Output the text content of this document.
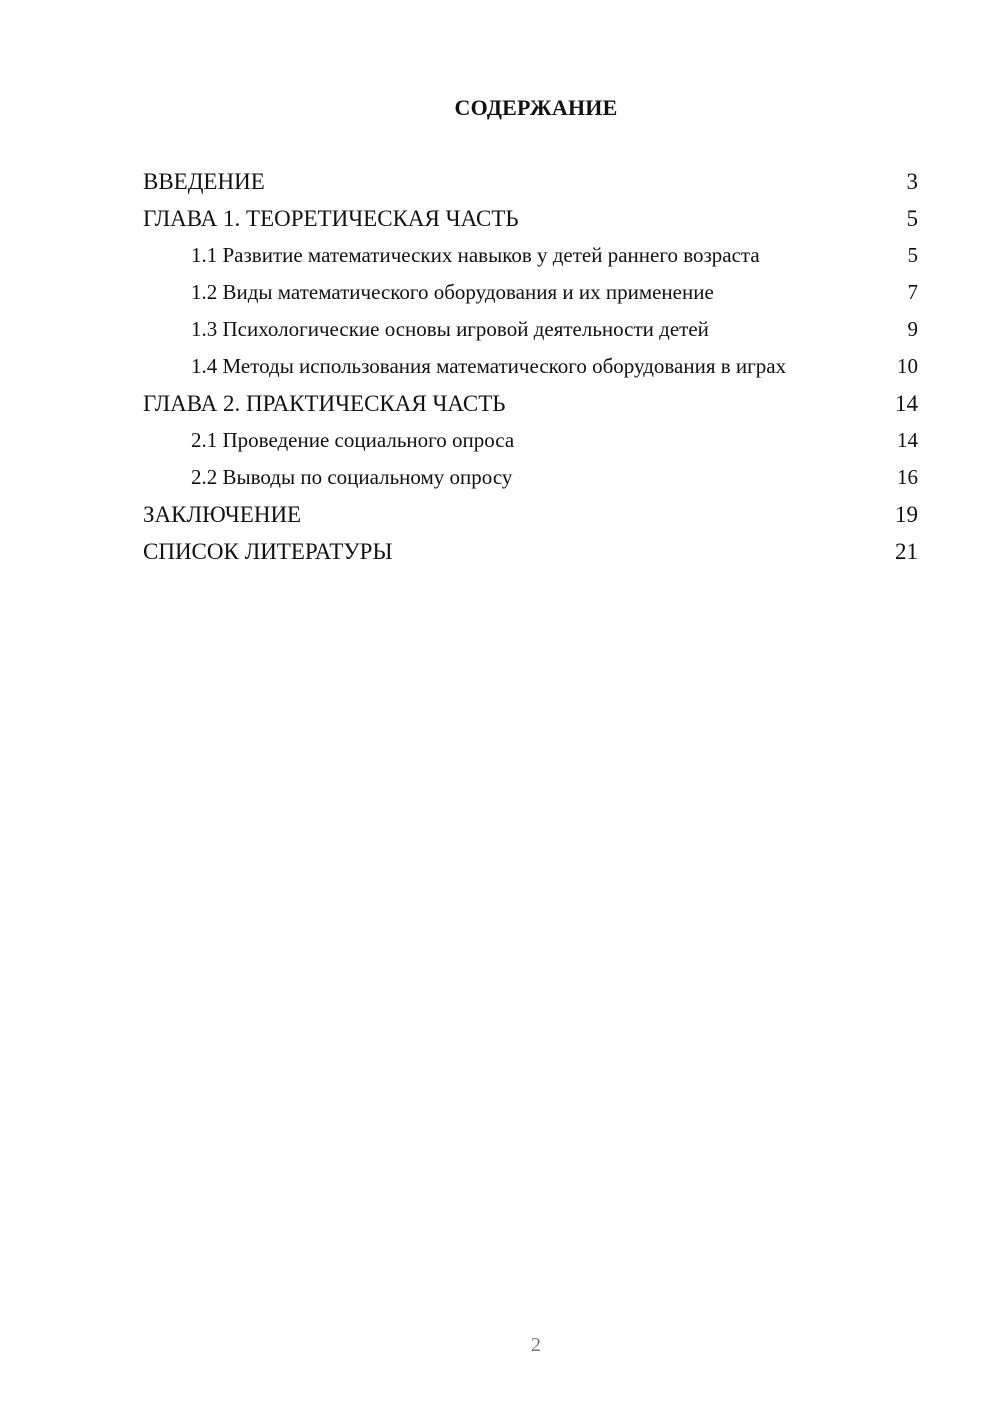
СОДЕРЖАНИЕ
ВВЕДЕНИЕ	3
ГЛАВА 1. ТЕОРЕТИЧЕСКАЯ ЧАСТЬ	5
1.1 Развитие математических навыков у детей раннего возраста	5
1.2 Виды математического оборудования и их применение	7
1.3 Психологические основы игровой деятельности детей	9
1.4 Методы использования математического оборудования в играх	10
ГЛАВА 2. ПРАКТИЧЕСКАЯ ЧАСТЬ	14
2.1 Проведение социального опроса	14
2.2 Выводы по социальному опросу	16
ЗАКЛЮЧЕНИЕ	19
СПИСОК ЛИТЕРАТУРЫ	21
2
